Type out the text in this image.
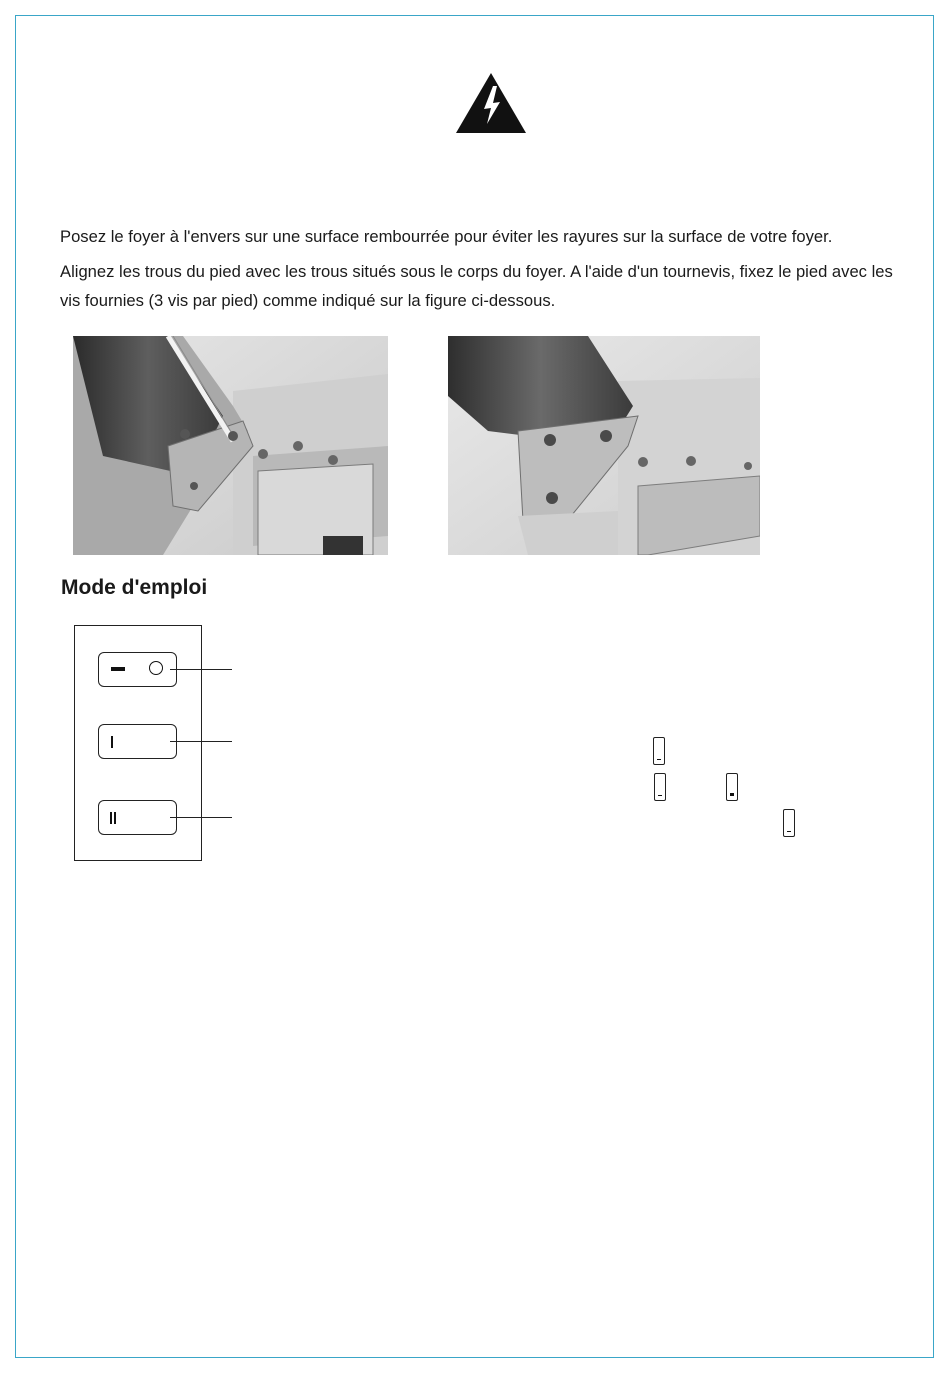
Posez le foyer à l'envers sur une surface rembourrée pour éviter les rayures sur la surface de votre foyer.

Alignez les trous du pied avec les trous situés sous le corps du foyer. A l'aide d'un tournevis, fixez le pied avec les vis fournies (3 vis par pied) comme indiqué sur la figure ci-dessous.

Mode d'emploi
